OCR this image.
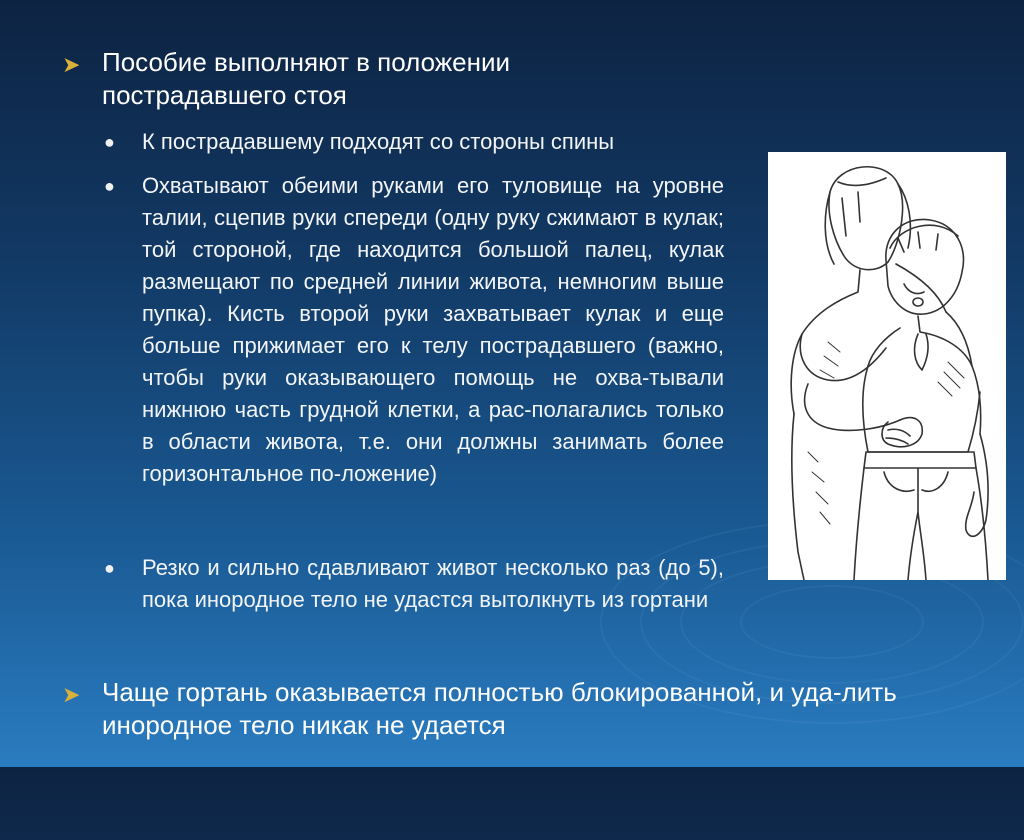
➤ Пособие выполняют в положении пострадавшего стоя
● К пострадавшему подходят со стороны спины
● Охватывают обеими руками его туловище на уровне талии, сцепив руки спереди (одну руку сжимают в кулак; той стороной, где находится большой палец, кулак размещают по средней линии живота, немногим выше пупка). Кисть второй руки захватывает кулак и еще больше прижимает его к телу пострадавшего (важно, чтобы руки оказывающего помощь не охва-тывали нижнюю часть грудной клетки, а рас-полагались только в области живота, т.е. они должны занимать более горизонтальное по-ложение)
● Резко и сильно сдавливают живот несколько раз (до 5), пока инородное тело не удастся вытолкнуть из гортани
➤ Чаще гортань оказывается полностью блокированной, и уда-лить инородное тело никак не удается
